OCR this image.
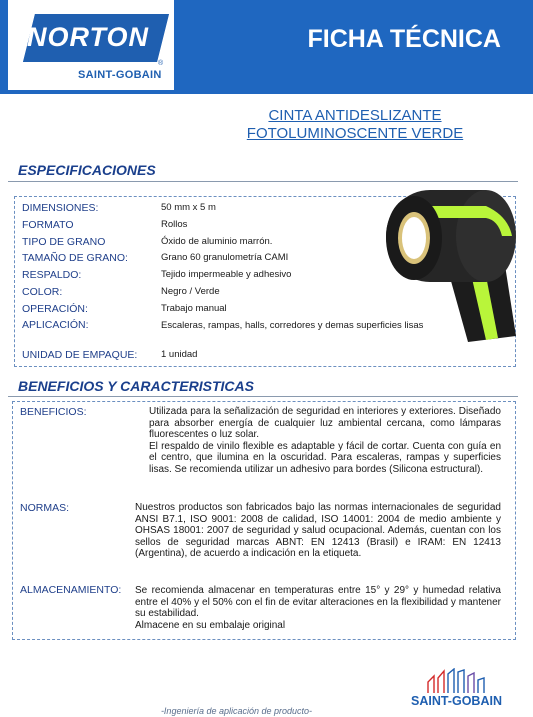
NORTON
SAINT-GOBAIN
®
FICHA TÉCNICA
CINTA ANTIDESLIZANTE
FOTOLUMINOSCENTE VERDE
ESPECIFICACIONES
DIMENSIONES:	50 mm x 5 m
FORMATO	Rollos
TIPO DE GRANO	Óxido de aluminio marrón.
TAMAÑO DE GRANO:	Grano 60 granulometría CAMI
RESPALDO:	Tejido impermeable y adhesivo
COLOR:	Negro / Verde
OPERACIÓN:	Trabajo manual
APLICACIÓN:	Escaleras, rampas, halls, corredores y demas superficies lisas
UNIDAD DE EMPAQUE: 1 unidad
BENEFICIOS Y CARACTERISTICAS
BENEFICIOS:	Utilizada para la señalización de seguridad en interiores y exteriores. Diseñado para absorber energía de cualquier luz ambiental cercana, como lámparas fluorescentes o luz solar.

El respaldo de vinilo flexible es adaptable y fácil de cortar. Cuenta con guía en el centro, que ilumina en la oscuridad. Para escaleras, rampas y superficies lisas. Se recomienda utilizar un adhesivo para bordes (Silicona estructural).

NORMAS:	Nuestros productos son fabricados bajo las normas internacionales de seguridad ANSI B7.1, ISO 9001: 2008 de calidad, ISO 14001: 2004 de medio ambiente y OHSAS 18001: 2007 de seguridad y salud ocupacional. Además, cuentan con los sellos de seguridad marcas ABNT: EN 12413 (Brasil) e IRAM: EN 12413 (Argentina), de acuerdo a indicación en la etiqueta.
ALMACENAMIENTO: Se recomienda almacenar en temperaturas entre 15° y 29° y humedad relativa entre el 40% y el 50% con el fin de evitar alteraciones en la flexibilidad y mantener su estabilidad.

Almacene en su embalaje original

SAINT-GOBAIN
-Ingeniería de aplicación de producto-
